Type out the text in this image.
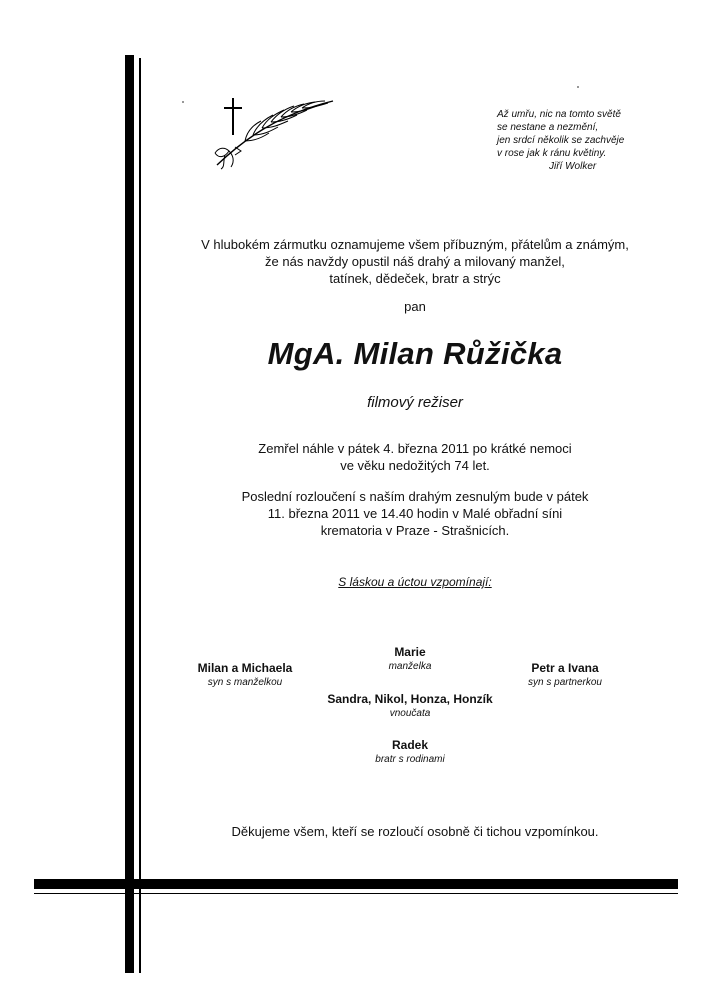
Až umřu, nic na tomto světě
se nestane a nezmění,
jen srdcí několik se zachvěje
v rose jak k ránu květiny.
Jiří Wolker
V hlubokém zármutku oznamujeme všem příbuzným, přátelům a známým,
že nás navždy opustil náš drahý a milovaný manžel,
tatínek, dědeček, bratr a strýc
pan
MgA. Milan Růžička
filmový režiser
Zemřel náhle v pátek 4. března 2011 po krátké nemoci
ve věku nedožitých 74 let.
Poslední rozloučení s naším drahým zesnulým bude v pátek
11. března 2011 ve 14.40 hodin v Malé obřadní síni
krematoria v Praze - Strašnicích.
S láskou a úctou vzpomínají:
Marie
manželka
Milan a Michaela
syn s manželkou
Petr a Ivana
syn s partnerkou
Sandra, Nikol, Honza, Honzík
vnoučata
Radek
bratr s rodinami
Děkujeme všem, kteří se rozloučí osobně či tichou vzpomínkou.
